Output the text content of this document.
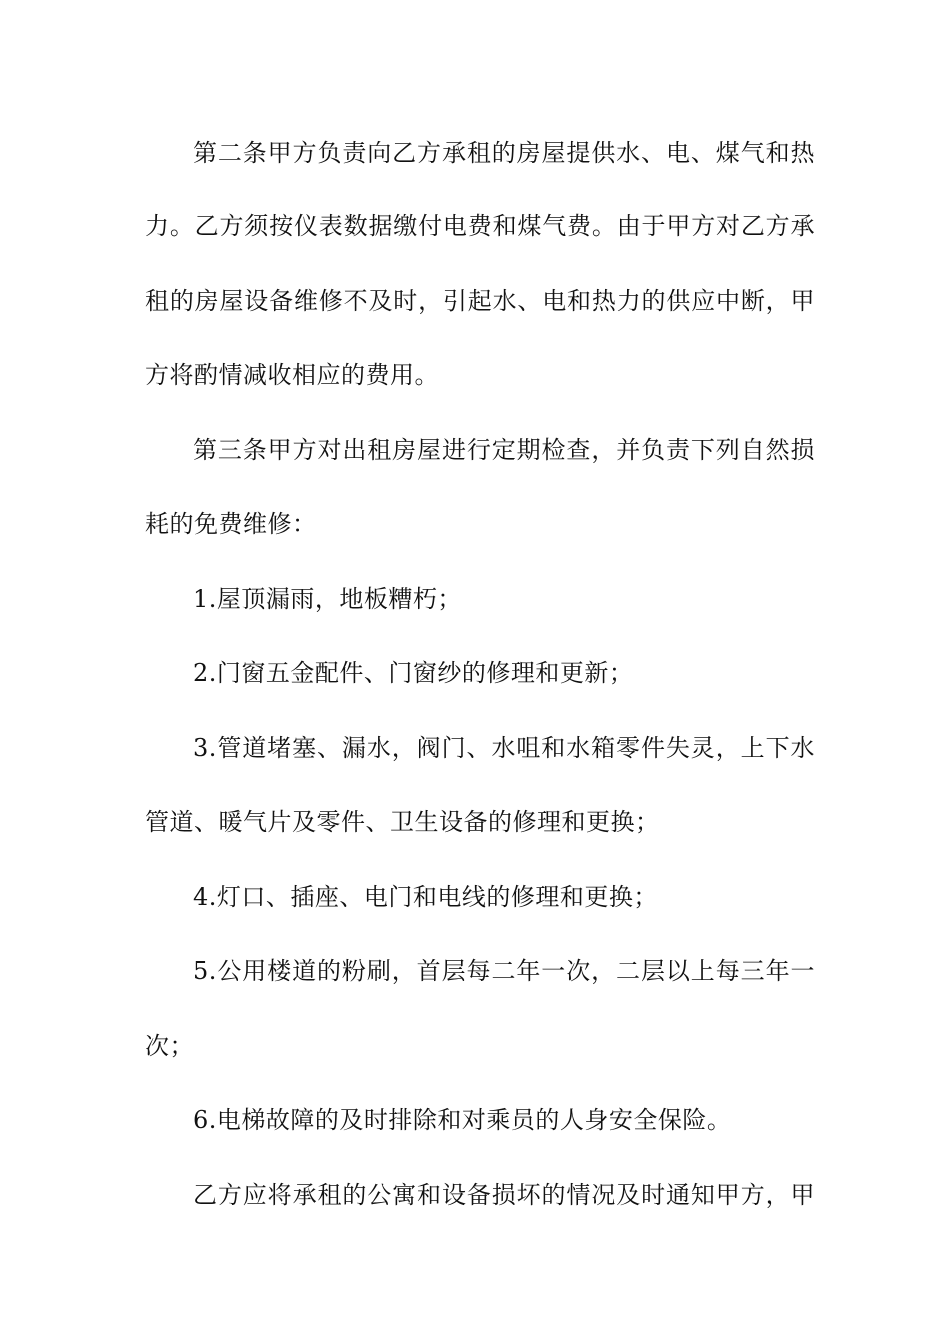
第二条甲方负责向乙方承租的房屋提供水、电、煤气和热
力。乙方须按仪表数据缴付电费和煤气费。由于甲方对乙方承
租的房屋设备维修不及时，引起水、电和热力的供应中断，甲
方将酌情减收相应的费用。
第三条甲方对出租房屋进行定期检查，并负责下列自然损
耗的免费维修：
1.屋顶漏雨，地板糟朽；
2.门窗五金配件、门窗纱的修理和更新；
3.管道堵塞、漏水，阀门、水咀和水箱零件失灵，上下水
管道、暖气片及零件、卫生设备的修理和更换；
4.灯口、插座、电门和电线的修理和更换；
5.公用楼道的粉刷，首层每二年一次，二层以上每三年一
次；
6.电梯故障的及时排除和对乘员的人身安全保险。
乙方应将承租的公寓和设备损坏的情况及时通知甲方，甲
